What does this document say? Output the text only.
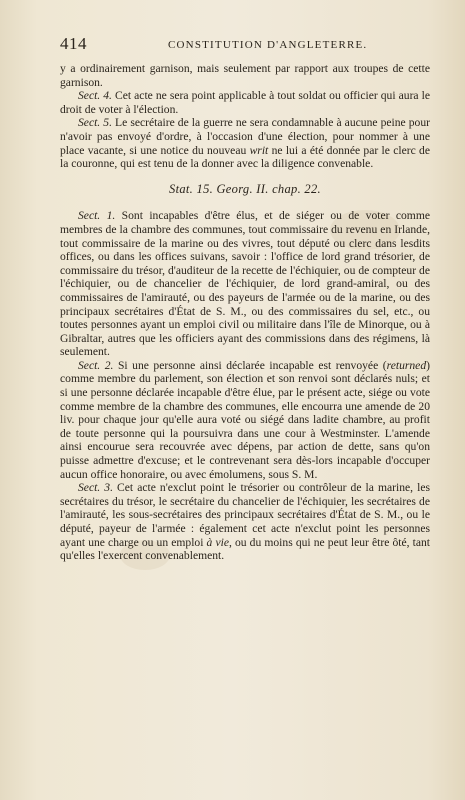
414	CONSTITUTION D'ANGLETERRE.

y a ordinairement garnison, mais seulement par rapport aux troupes de cette garnison.

Sect. 4. Cet acte ne sera point applicable à tout soldat ou officier qui aura le droit de voter à l'élection.

Sect. 5. Le secrétaire de la guerre ne sera condamnable à aucune peine pour n'avoir pas envoyé d'ordre, à l'occasion d'une élection, pour nommer à une place vacante, si une notice du nouveau writ ne lui a été donnée par le clerc de la couronne, qui est tenu de la donner avec la diligence convenable.

Stat. 15. Georg. II. chap. 22.

Sect. 1. Sont incapables d'être élus, et de siéger ou de voter comme membres de la chambre des communes, tout commissaire du revenu en Irlande, tout commissaire de la marine ou des vivres, tout député ou clerc dans lesdits offices, ou dans les offices suivans, savoir : l'office de lord grand trésorier, de commissaire du trésor, d'auditeur de la recette de l'échiquier, ou de compteur de l'échiquier, ou de chancelier de l'échiquier, de lord grand-amiral, ou des commissaires de l'amirauté, ou des payeurs de l'armée ou de la marine, ou des principaux secrétaires d'État de S. M., ou des commissaires du sel, etc., ou toutes personnes ayant un emploi civil ou militaire dans l'île de Minorque, ou à Gibraltar, autres que les officiers ayant des commissions dans des régimens, là seulement.

Sect. 2. Si une personne ainsi déclarée incapable est renvoyée (returned) comme membre du parlement, son élection et son renvoi sont déclarés nuls; et si une personne déclarée incapable d'être élue, par le présent acte, siége ou vote comme membre de la chambre des communes, elle encourra une amende de 20 liv. pour chaque jour qu'elle aura voté ou siégé dans ladite chambre, au profit de toute personne qui la poursuivra dans une cour à Westminster. L'amende ainsi encourue sera recouvrée avec dépens, par action de dette, sans qu'on puisse admettre d'excuse; et le contrevenant sera dès-lors incapable d'occuper aucun office honoraire, ou avec émolumens, sous S. M.

Sect. 3. Cet acte n'exclut point le trésorier ou contrôleur de la marine, les secrétaires du trésor, le secrétaire du chancelier de l'échiquier, les secrétaires de l'amirauté, les sous-secrétaires des principaux secrétaires d'État de S. M., ou le député, payeur de l'armée : également cet acte n'exclut point les personnes ayant une charge ou un emploi à vie, ou du moins qui ne peut leur être ôté, tant qu'elles l'exercent convenablement.
